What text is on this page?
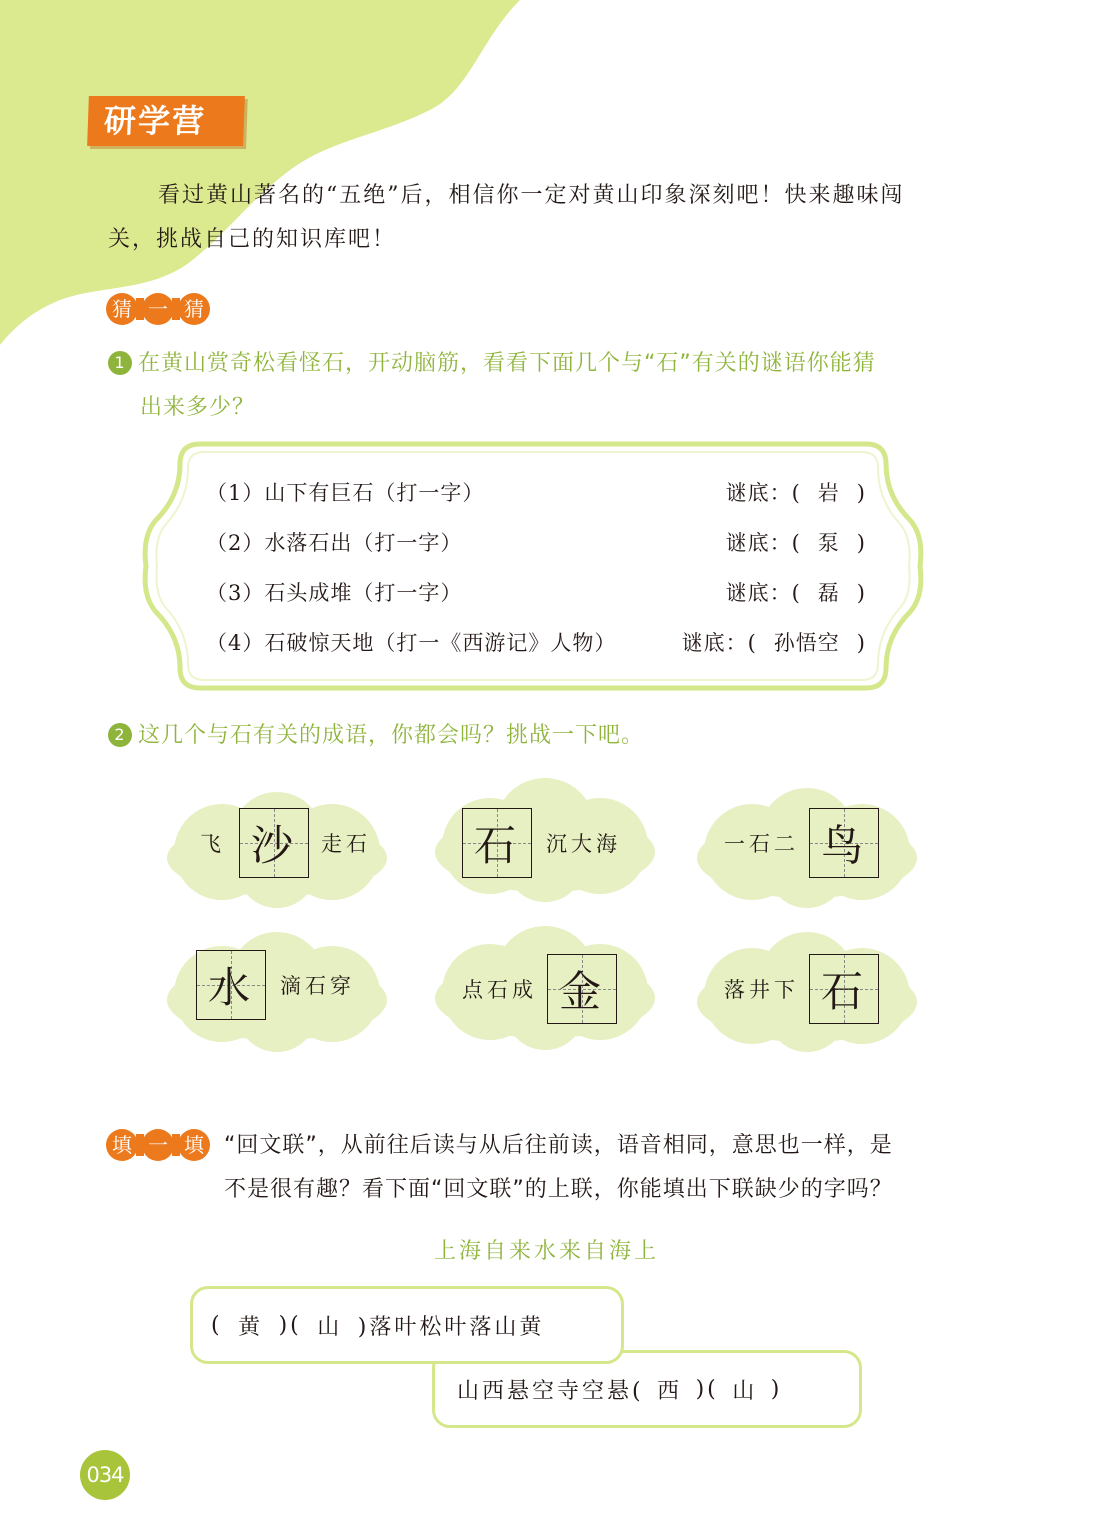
研学营
看过黄山著名的“五绝”后，相信你一定对黄山印象深刻吧！快来趣味闯
关，挑战自己的知识库吧！
猜 一 猜
1 在黄山赏奇松看怪石，开动脑筋，看看下面几个与“石”有关的谜语你能猜
出来多少？
（1）山下有巨石（打一字）	谜底：( 岩 )
（2）水落石出（打一字）	谜底：( 泵 )
（3）石头成堆（打一字）	谜底：( 磊 )
（4）石破惊天地（打一《西游记》人物）	谜底：( 孙悟空 )
2 这几个与石有关的成语，你都会吗？挑战一下吧。
飞 沙 走石 石 沉大海	一石二 鸟
水 滴石穿	点石成 金	落井下 石
填 一 填 “回文联”，从前往后读与从后往前读，语音相同，意思也一样，是
不是很有趣？看下面“回文联”的上联，你能填出下联缺少的字吗？
上海自来水来自海上
山西悬空寺空悬( 西 )( 山 )
( 黄 )( 山 )落叶松叶落山黄
034
